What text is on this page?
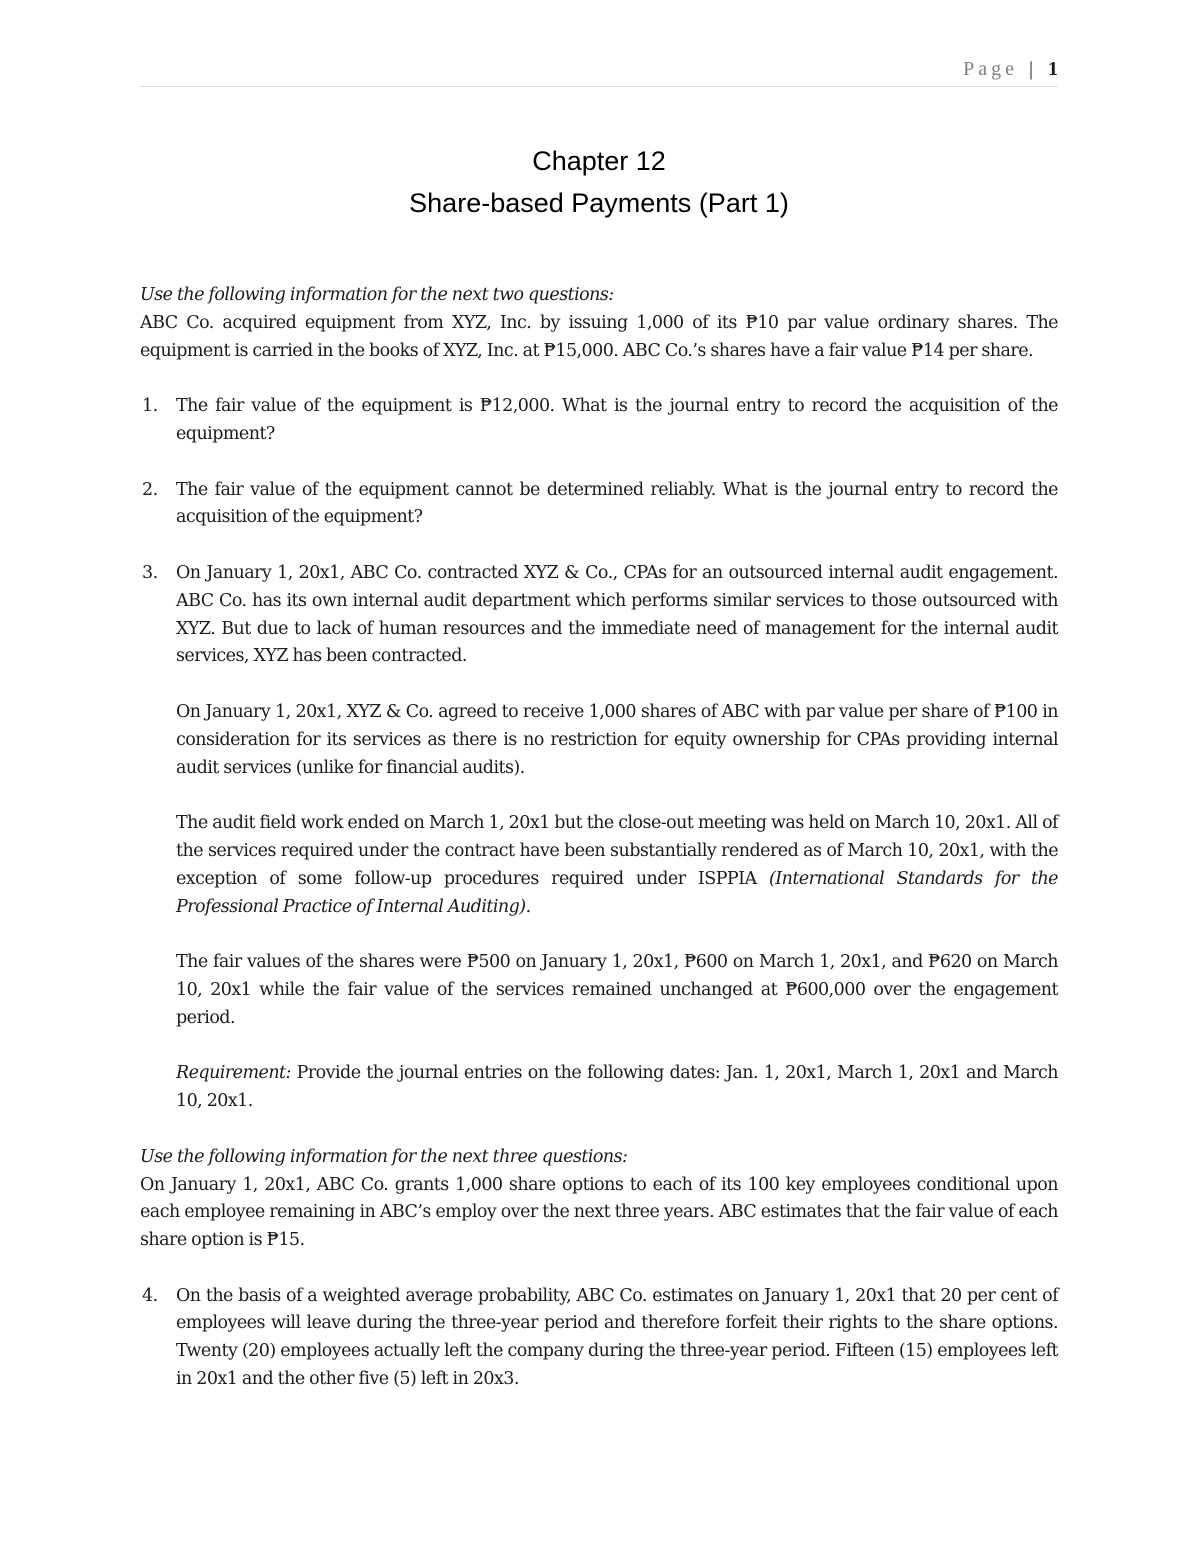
Page | 1
Chapter 12
Share-based Payments (Part 1)

Use the following information for the next two questions:

ABC Co. acquired equipment from XYZ, Inc. by issuing 1,000 of its ₱10 par value ordinary shares. The equipment is carried in the books of XYZ, Inc. at ₱15,000. ABC Co.’s shares have a fair value ₱14 per share.

1. The fair value of the equipment is ₱12,000. What is the journal entry to record the acquisition of the equipment?
2. The fair value of the equipment cannot be determined reliably. What is the journal entry to record the acquisition of the equipment?
3. On January 1, 20x1, ABC Co. contracted XYZ & Co., CPAs for an outsourced internal audit engagement. ABC Co. has its own internal audit department which performs similar services to those outsourced with XYZ. But due to lack of human resources and the immediate need of management for the internal audit services, XYZ has been contracted.

On January 1, 20x1, XYZ & Co. agreed to receive 1,000 shares of ABC with par value per share of ₱100 in consideration for its services as there is no restriction for equity ownership for CPAs providing internal audit services (unlike for financial audits).

The audit field work ended on March 1, 20x1 but the close-out meeting was held on March 10, 20x1. All of the services required under the contract have been substantially rendered as of March 10, 20x1, with the exception of some follow-up procedures required under ISPPIA (International Standards for the Professional Practice of Internal Auditing).

The fair values of the shares were ₱500 on January 1, 20x1, ₱600 on March 1, 20x1, and ₱620 on March 10, 20x1 while the fair value of the services remained unchanged at ₱600,000 over the engagement period.

Requirement: Provide the journal entries on the following dates: Jan. 1, 20x1, March 1, 20x1 and March 10, 20x1.

Use the following information for the next three questions:

On January 1, 20x1, ABC Co. grants 1,000 share options to each of its 100 key employees conditional upon each employee remaining in ABC’s employ over the next three years. ABC estimates that the fair value of each share option is ₱15.

4. On the basis of a weighted average probability, ABC Co. estimates on January 1, 20x1 that 20 per cent of employees will leave during the three-year period and therefore forfeit their rights to the share options. Twenty (20) employees actually left the company during the three-year period. Fifteen (15) employees left in 20x1 and the other five (5) left in 20x3.
